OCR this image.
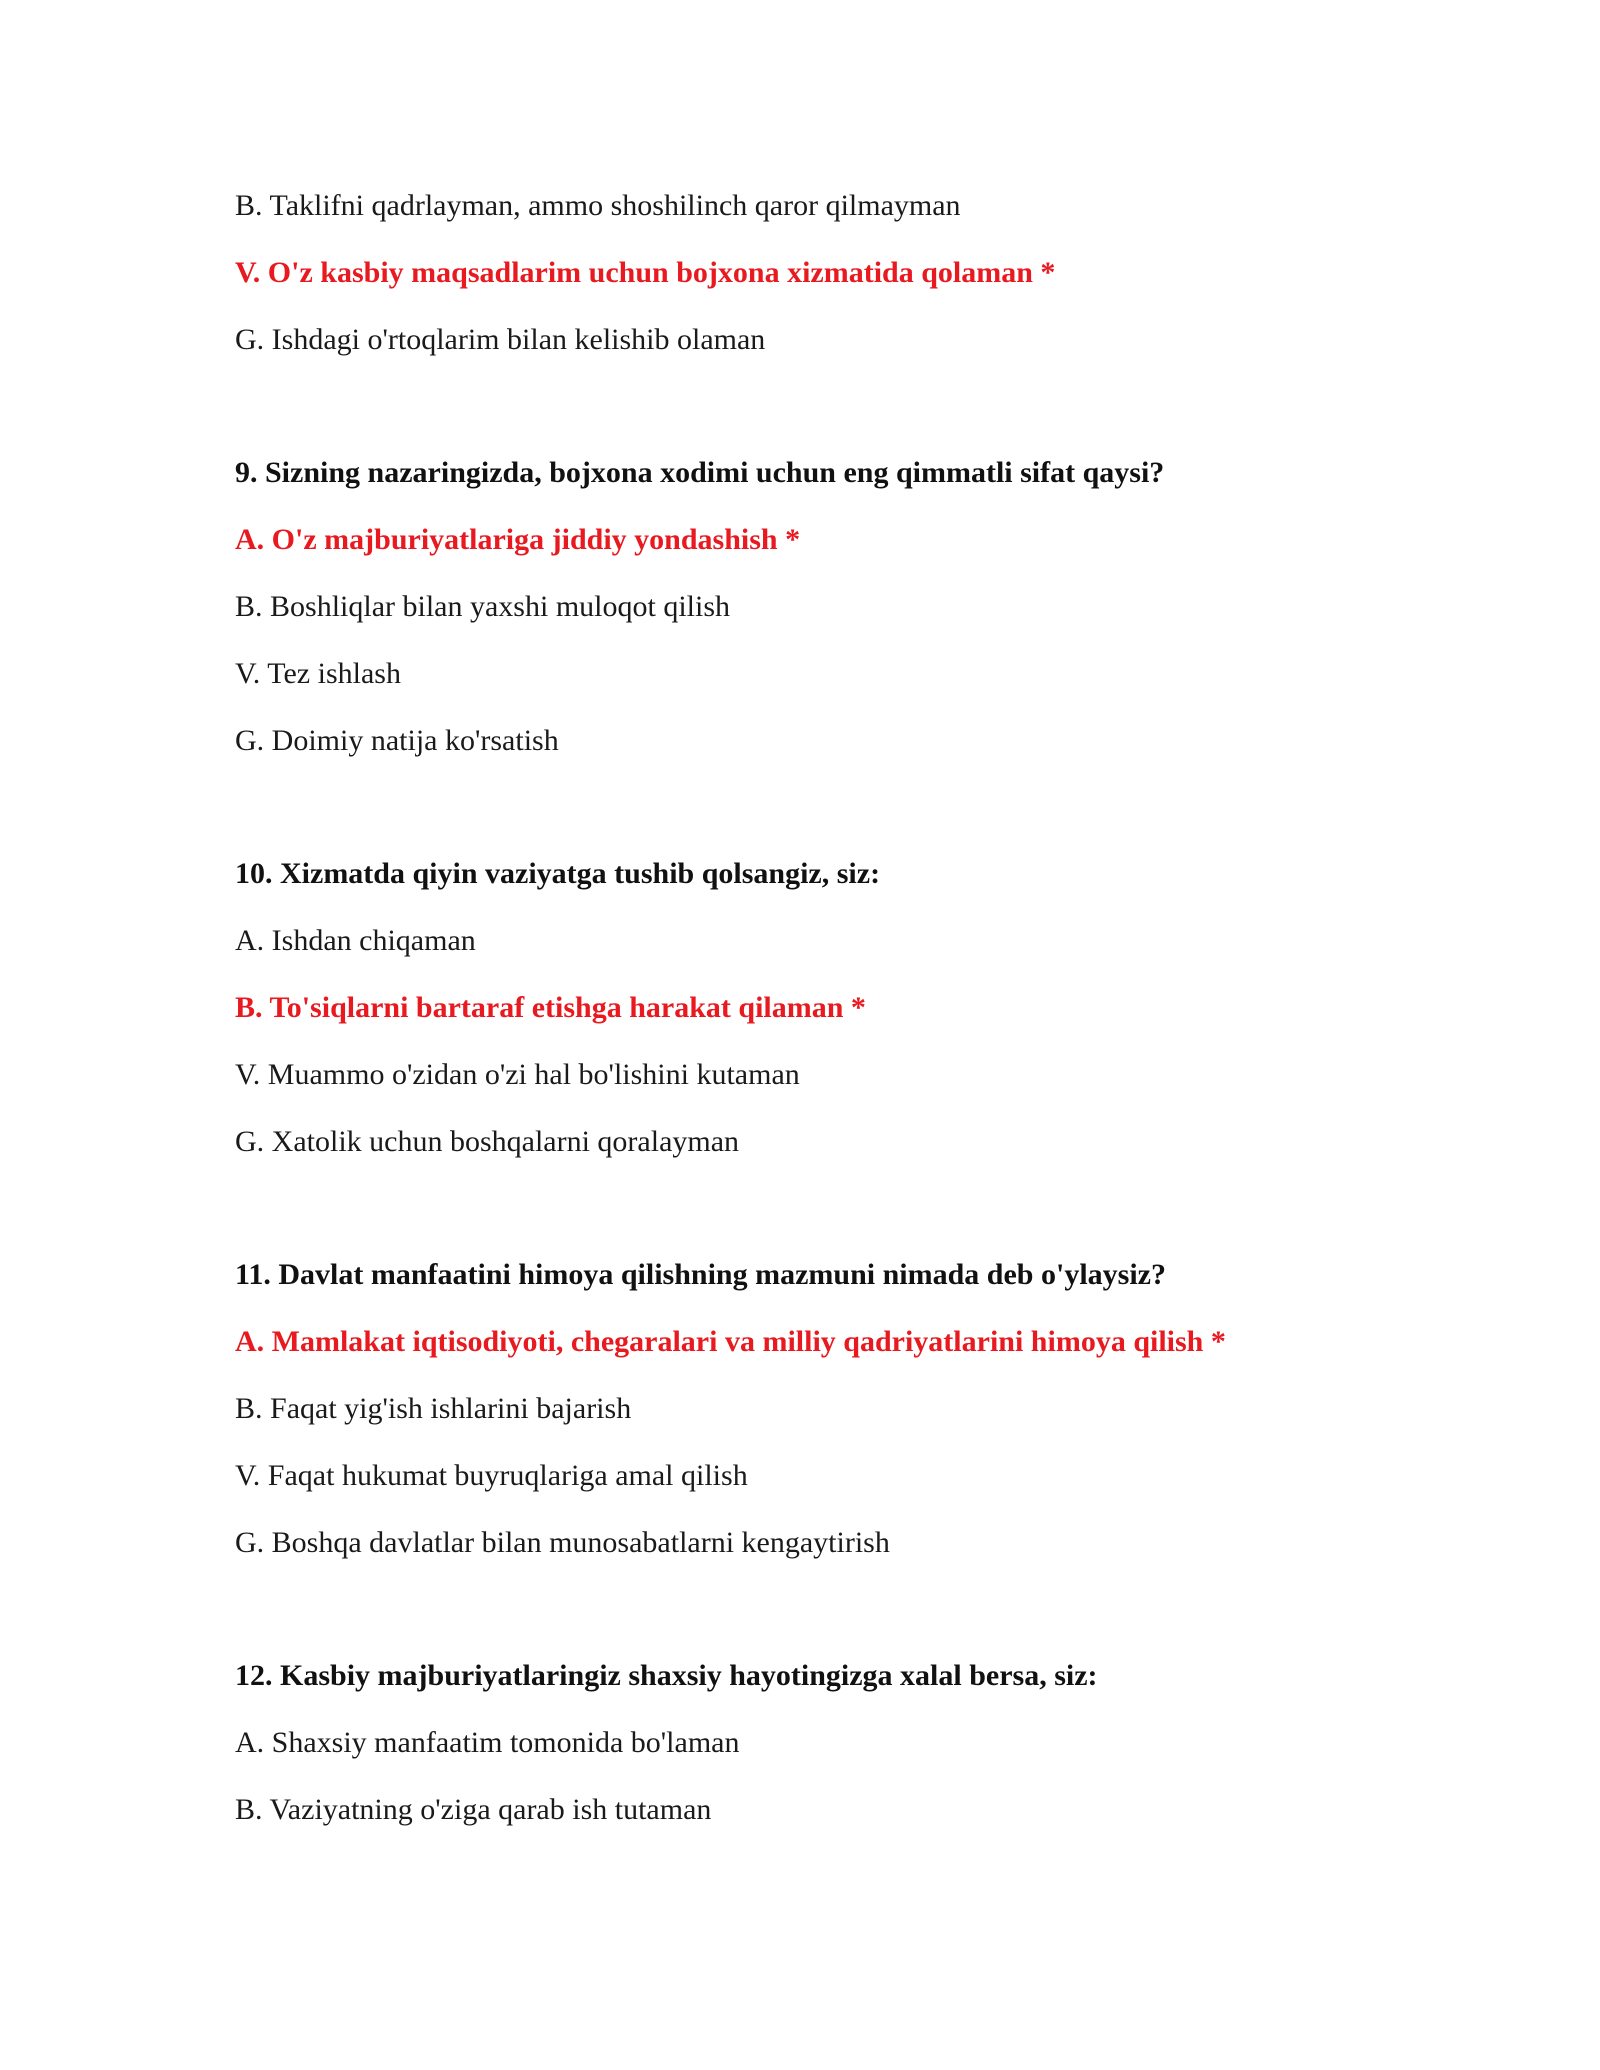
B. Taklifni qadrlayman, ammo shoshilinch qaror qilmayman
V. O'z kasbiy maqsadlarim uchun bojxona xizmatida qolaman *
G. Ishdagi o'rtoqlarim bilan kelishib olaman
9. Sizning nazaringizda, bojxona xodimi uchun eng qimmatli sifat qaysi?
A. O'z majburiyatlariga jiddiy yondashish *
B. Boshliqlar bilan yaxshi muloqot qilish
V. Tez ishlash
G. Doimiy natija ko'rsatish
10. Xizmatda qiyin vaziyatga tushib qolsangiz, siz:
A. Ishdan chiqaman
B. To'siqlarni bartaraf etishga harakat qilaman *
V. Muammo o'zidan o'zi hal bo'lishini kutaman
G. Xatolik uchun boshqalarni qoralayman
11. Davlat manfaatini himoya qilishning mazmuni nimada deb o'ylaysiz?
A. Mamlakat iqtisodiyoti, chegaralari va milliy qadriyatlarini himoya qilish *
B. Faqat yig'ish ishlarini bajarish
V. Faqat hukumat buyruqlariga amal qilish
G. Boshqa davlatlar bilan munosabatlarni kengaytirish
12. Kasbiy majburiyatlaringiz shaxsiy hayotingizga xalal bersa, siz:
A. Shaxsiy manfaatim tomonida bo'laman
B. Vaziyatning o'ziga qarab ish tutaman
